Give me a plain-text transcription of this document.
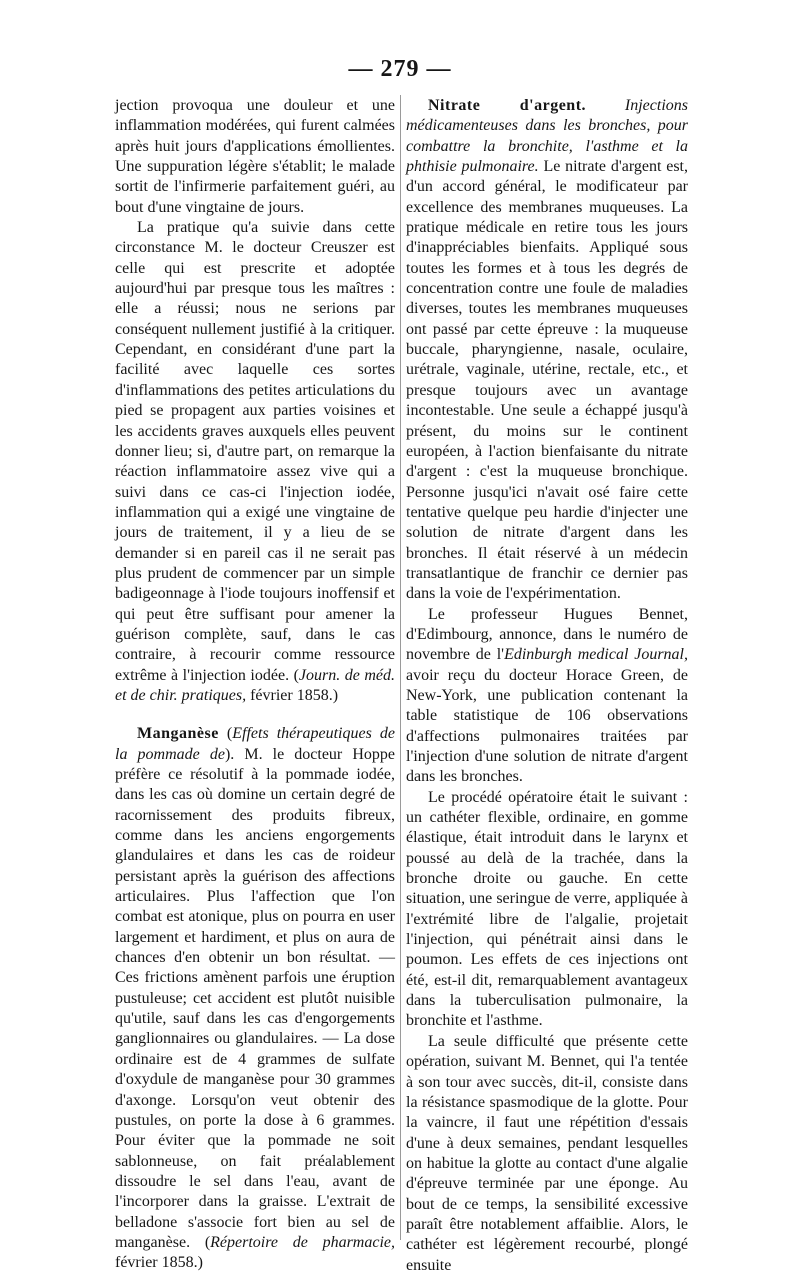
— 279 —

jection provoqua une douleur et une inflammation modérées, qui furent calmées après huit jours d'applications émollientes. Une suppuration légère s'établit; le malade sortit de l'infirmerie parfaitement guéri, au bout d'une vingtaine de jours.

La pratique qu'a suivie dans cette circonstance M. le docteur Creuszer est celle qui est prescrite et adoptée aujourd'hui par presque tous les maîtres : elle a réussi; nous ne serions par conséquent nullement justifié à la critiquer. Cependant, en considérant d'une part la facilité avec laquelle ces sortes d'inflammations des petites articulations du pied se propagent aux parties voisines et les accidents graves auxquels elles peuvent donner lieu; si, d'autre part, on remarque la réaction inflammatoire assez vive qui a suivi dans ce cas-ci l'injection iodée, inflammation qui a exigé une vingtaine de jours de traitement, il y a lieu de se demander si en pareil cas il ne serait pas plus prudent de commencer par un simple badigeonnage à l'iode toujours inoffensif et qui peut être suffisant pour amener la guérison complète, sauf, dans le cas contraire, à recourir comme ressource extrême à l'injection iodée. (Journ. de méd. et de chir. pratiques, février 1858.)

Manganèse (Effets thérapeutiques de la pommade de). M. le docteur Hoppe préfère ce résolutif à la pommade iodée, dans les cas où domine un certain degré de racornissement des produits fibreux, comme dans les anciens engorgements glandulaires et dans les cas de roideur persistant après la guérison des affections articulaires. Plus l'affection que l'on combat est atonique, plus on pourra en user largement et hardiment, et plus on aura de chances d'en obtenir un bon résultat. — Ces frictions amènent parfois une éruption pustuleuse; cet accident est plutôt nuisible qu'utile, sauf dans les cas d'engorgements ganglionnaires ou glandulaires. — La dose ordinaire est de 4 grammes de sulfate d'oxydule de manganèse pour 30 grammes d'axonge. Lorsqu'on veut obtenir des pustules, on porte la dose à 6 grammes. Pour éviter que la pommade ne soit sablonneuse, on fait préalablement dissoudre le sel dans l'eau, avant de l'incorporer dans la graisse. L'extrait de belladone s'associe fort bien au sel de manganèse. (Répertoire de pharmacie, février 1858.)

Nitrate d'argent. Injections médicamenteuses dans les bronches, pour combattre la bronchite, l'asthme et la phthisie pulmonaire. Le nitrate d'argent est, d'un accord général, le modificateur par excellence des membranes muqueuses. La pratique médicale en retire tous les jours d'inappréciables bienfaits. Appliqué sous toutes les formes et à tous les degrés de concentration contre une foule de maladies diverses, toutes les membranes muqueuses ont passé par cette épreuve : la muqueuse buccale, pharyngienne, nasale, oculaire, urétrale, vaginale, utérine, rectale, etc., et presque toujours avec un avantage incontestable. Une seule a échappé jusqu'à présent, du moins sur le continent européen, à l'action bienfaisante du nitrate d'argent : c'est la muqueuse bronchique. Personne jusqu'ici n'avait osé faire cette tentative quelque peu hardie d'injecter une solution de nitrate d'argent dans les bronches. Il était réservé à un médecin transatlantique de franchir ce dernier pas dans la voie de l'expérimentation.

Le professeur Hugues Bennet, d'Edimbourg, annonce, dans le numéro de novembre de l'Edinburgh medical Journal, avoir reçu du docteur Horace Green, de New-York, une publication contenant la table statistique de 106 observations d'affections pulmonaires traitées par l'injection d'une solution de nitrate d'argent dans les bronches.

Le procédé opératoire était le suivant : un cathéter flexible, ordinaire, en gomme élastique, était introduit dans le larynx et poussé au delà de la trachée, dans la bronche droite ou gauche. En cette situation, une seringue de verre, appliquée à l'extrémité libre de l'algalie, projetait l'injection, qui pénétrait ainsi dans le poumon. Les effets de ces injections ont été, est-il dit, remarquablement avantageux dans la tuberculisation pulmonaire, la bronchite et l'asthme.

La seule difficulté que présente cette opération, suivant M. Bennet, qui l'a tentée à son tour avec succès, dit-il, consiste dans la résistance spasmodique de la glotte. Pour la vaincre, il faut une répétition d'essais d'une à deux semaines, pendant lesquelles on habitue la glotte au contact d'une algalie d'épreuve terminée par une éponge. Au bout de ce temps, la sensibilité excessive paraît être notablement affaiblie. Alors, le cathéter est légèrement recourbé, plongé ensuite
